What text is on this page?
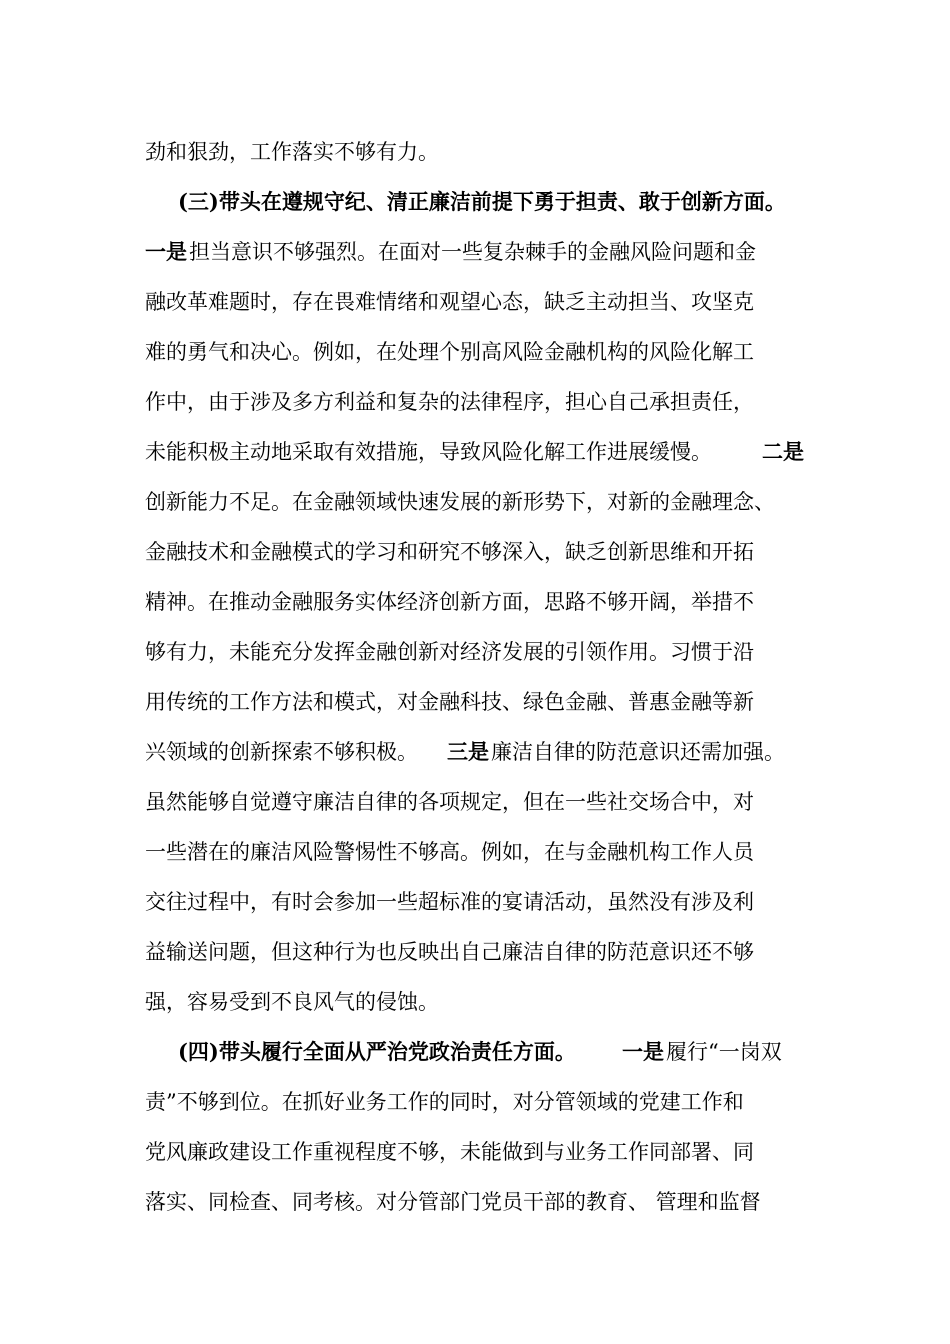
劲和狠劲，工作落实不够有力。
(三)带头在遵规守纪、清正廉洁前提下勇于担责、敢于创新方面。
一是 担当意识不够强烈。在面对一些复杂棘手的金融风险问题和金
融改革难题时，存在畏难情绪和观望心态，缺乏主动担当、攻坚克
难的勇气和决心。例如，在处理个别高风险金融机构的风险化解工
作中，由于涉及多方利益和复杂的法律程序，担心自己承担责任，
未能积极主动地采取有效措施，导致风险化解工作进展缓慢。 二是
创新能力不足。在金融领域快速发展的新形势下，对新的金融理念、
金融技术和金融模式的学习和研究不够深入，缺乏创新思维和开拓
精神。在推动金融服务实体经济创新方面，思路不够开阔，举措不
够有力，未能充分发挥金融创新对经济发展的引领作用。习惯于沿
用传统的工作方法和模式，对金融科技、绿色金融、普惠金融等新
兴领域的创新探索不够积极。 三是 廉洁自律的防范意识还需加强。
虽然能够自觉遵守廉洁自律的各项规定，但在一些社交场合中，对
一些潜在的廉洁风险警惕性不够高。例如，在与金融机构工作人员
交往过程中，有时会参加一些超标准的宴请活动，虽然没有涉及利
益输送问题，但这种行为也反映出自己廉洁自律的防范意识还不够
强，容易受到不良风气的侵蚀。
(四)带头履行全面从严治党政治责任方面。 一是 履行“一岗双
责”不够到位。在抓好业务工作的同时，对分管领域的党建工作和
党风廉政建设工作重视程度不够，未能做到与业务工作同部署、同
落实、同检查、同考核。对分管部门党员干部的教育、 管理和监督
